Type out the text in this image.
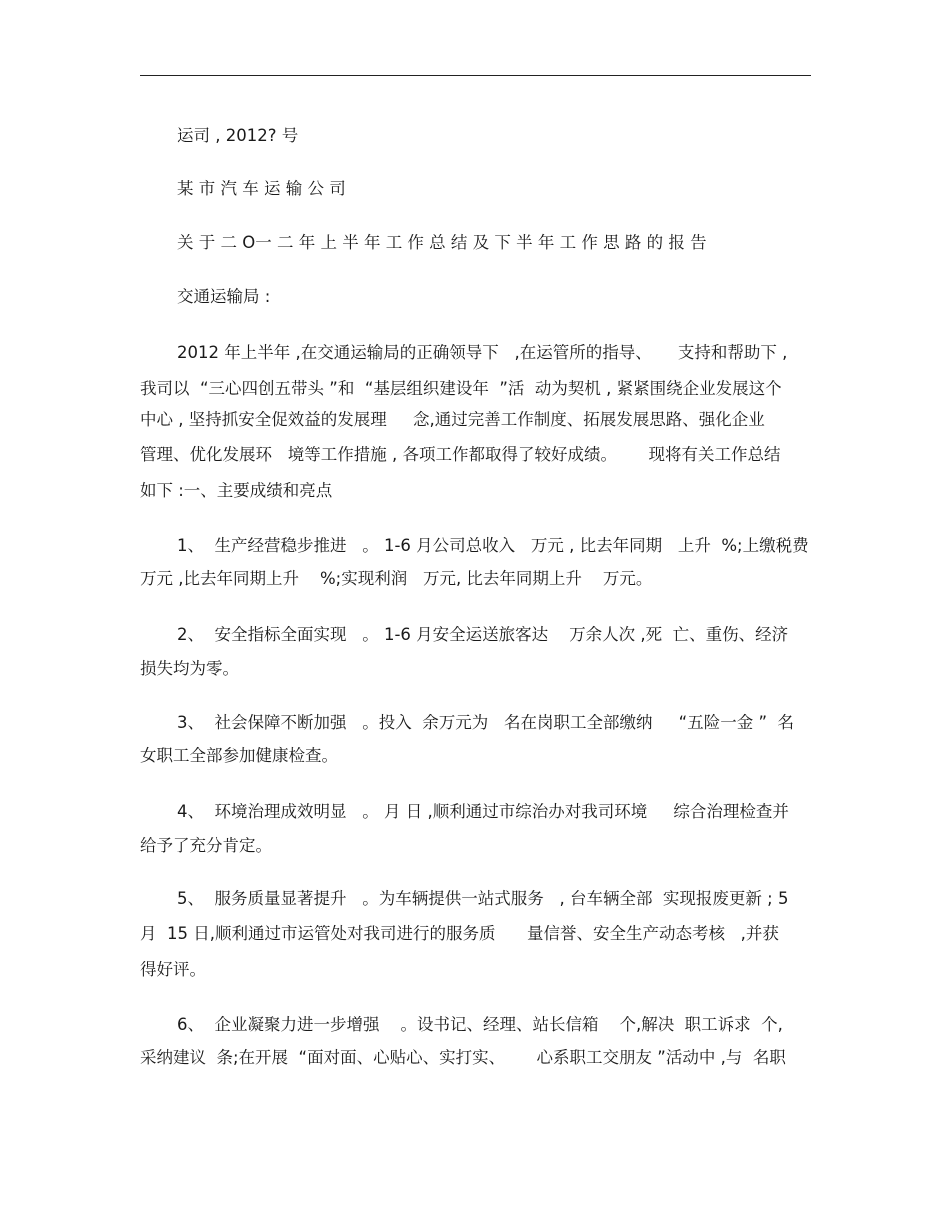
运司 , 2012? 号
某 市 汽 车 运 输 公 司
关 于 二 O一 二 年 上 半 年 工 作 总 结 及 下 半 年 工 作 思 路 的 报 告
交通运输局 :
2012 年上半年 ,在交通运输局的正确领导下   ,在运管所的指导、     支持和帮助下 ,
我司以  “三心四创五带头 ”和  “基层组织建设年  ”活  动为契机 , 紧紧围绕企业发展这个
中心 , 坚持抓安全促效益的发展理     念,通过完善工作制度、拓展发展思路、强化企业
管理、优化发展环   境等工作措施 , 各项工作都取得了较好成绩。      现将有关工作总结
如下 :一、主要成绩和亮点
1、  生产经营稳步推进   。 1-6 月公司总收入   万元 , 比去年同期   上升  %;上缴税费
万元 ,比去年同期上升    %;实现利润   万元, 比去年同期上升    万元。
2、  安全指标全面实现   。 1-6 月安全运送旅客达    万余人次 ,死  亡、重伤、经济
损失均为零。
3、  社会保障不断加强   。投入  余万元为   名在岗职工全部缴纳     “五险一金 ”  名
女职工全部参加健康检查。
4、  环境治理成效明显   。 月 日 ,顺利通过市综治办对我司环境     综合治理检查并
给予了充分肯定。
5、  服务质量显著提升   。为车辆提供一站式服务   , 台车辆全部  实现报废更新 ; 5
月  15 日,顺利通过市运管处对我司进行的服务质      量信誉、安全生产动态考核   ,并获
得好评。
6、  企业凝聚力进一步增强    。设书记、经理、站长信箱    个,解决  职工诉求  个,
采纳建议  条;在开展  “面对面、心贴心、实打实、      心系职工交朋友 ”活动中 ,与  名职
